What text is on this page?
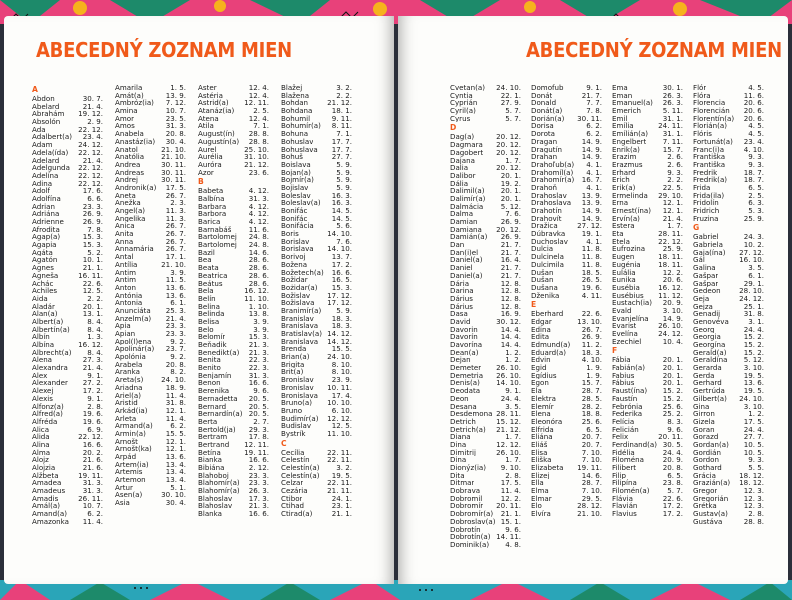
ABECEDNÝ ZOZNAM MIEN
A
Abdon	30. 7.
Abelard	21. 4.
Abrahám 19. 12.
Absolón	2. 9.
Ada	22. 12.
Adalbert(a) 23. 4.
Adam	24. 12.
Adela(ída) 22. 12.
Adelard	21. 4.
Adelgunda 22. 12.
Adelína	22. 12.
Adina	22. 12.
Adolf	17. 6.
Adolfína	6. 6.
Adrian	23. 3.
Adriána	26. 9.
Adrienne	26. 9.
Afrodita	7. 8.
Agap(a)	15. 3.
Agapia	15. 3.
Agáta	5. 2.
Agatón	10. 1.
Agnes	21. 1.
Agneša	16. 11.
Achác	22. 6.
Achiles	12. 5.
Aida	2. 2.
Aladár	20. 1.
Alan(a)	13. 1.
Albert(a)	8. 4.
Albertín(a) 8. 4.
Albín	1. 3.
Albína	16. 12.
Albrecht(a) 8. 4.
Alena	27. 3.
Alexandra 21. 4.
Alex	9. 1.
Alexander 27. 2.
Alexej	17. 2.
Alexis	9. 1.
Alfonz(a)	2. 8.
Alfred(a)	19. 6.
Alfréda	19. 6.
Alica	6. 9.
Alida	22. 12.
Alina	16. 6.
Alma	20. 2.
Alojz	21. 6.
Alojzia	21. 6.
Alžbeta	19. 11.
Amadea	31. 3.
Amadeus 31. 3.
Amadis	26. 11.
Amál(a)	10. 7.
Amand(a)	6. 2.
Amazonka 11. 4.
Amarila	1. 5.
Amát(a)	13. 9.
Ambróz(ia) 7. 12.
Amina	10. 7.
Amor	23. 5.
Amos	31. 3.
Anabela	20. 8.
Anastáz(ia) 30. 4.
Anatol	21. 10.
Anatólia 21. 10.
Andrea	30. 11.
Andreas 30. 11.
Andrej	30. 11.
Andronik(a) 17. 5.
Aneta	26. 7.
Anežka	2. 3.
Angel(a)	11. 3.
Angelika	11. 3.
Anica	26. 7.
Anita	26. 7.
Anna	26. 7.
Annamária 26. 7.
Antal	17. 1.
Antília	21. 10.
Antim	3. 9.
Antim	11. 5.
Anton	13. 6.
Antónia	13. 6.
Antonia	6. 1.
Anunciáta 25. 3.
Anzelm(a) 21. 4.
Apia	23. 3.
Apian	23. 3.
Apol(l)ena	9. 2.
Apolinár(a) 23. 7.
Apolónia	9. 2.
Arabela	20. 8.
Aranka	8. 2.
Areta(s)	24. 10.
Ariadna	18. 9.
Ariel(a)	11. 4.
Aristid	31. 8.
Arkád(ia)	12. 1.
Arleta	11. 4.
Armand(a) 6. 2.
Armin(a)	15. 5.
Arnošt	12. 1.
Arnošt(ka) 12. 1.
Arpád	13. 6.
Artem(ia) 13. 4.
Artemis	13. 4.
Artemon	13. 4.
Artur	5. 1.
Asen(a)	30. 10.
Asia	30. 4.
Aster	12. 4.
Astéria	12. 4.
Astrid(a) 12. 11.
Atanáz(ia)	2. 5.
Atena	12. 4.
Atila	7. 1.
August(ín) 28. 8.
Augustín(a) 28. 8.
Aurel	25. 10.
Aurélia	31. 10.
Auróra	21. 12.
Azor	23. 6.
B
Babeta	4. 12.
Balbína	31. 3.
Barbara	4. 12.
Barbora	4. 12.
Barica	4. 12.
Barnabáš 11. 6.
Bartolomej 24. 8.
Bartolomej 24. 8.
Bazil	14. 6.
Bea	28. 6.
Beata	28. 6.
Beatrica	28. 6.
Beátus	28. 6.
Bela	16. 12.
Belín	11. 10.
Belina	1. 10.
Belinda	13. 8.
Belisa	3. 9.
Belo	3. 9.
Belomír	15. 3.
Beňadik	21. 3.
Benedikt(a) 21. 3.
Benita	22. 3.
Benito	22. 3.
Benjamín 31. 3.
Benon	16. 6.
Berenika	9. 6.
Bernadetta 20. 5.
Bernard	20. 5.
Bernardín(a) 20. 5.
Berta	2. 7.
Bertold(ja) 29. 3.
Bertram	17. 8.
Bertrand 12. 11.
Betína	19. 11.
Bianka	16. 6.
Bibiána	2. 12.
Blahoboj	23. 3.
Blahomír(a) 23. 3.
Blahomír(a) 26. 3.
Blahoslav 17. 3.
Blahoslav 21. 3.
Blanka	16. 6.
Blažej	3. 2.
Blažena	2. 2.
Bohdan	21. 12.
Bohdana	18. 1.
Bohumil	9. 11.
Bohumír(a) 8. 11.
Bohuna	7. 1.
Bohuslav	17. 7.
Bohuslava 17. 7.
Bohuš	27. 7.
Boislava	5. 9.
Bojan(a)	5. 9.
Bojmír(a)	5. 9.
Bojislav	5. 9.
Boleslav	16. 3.
Boleslav(a) 16. 3.
Bonifác	14. 5.
Bonifác	14. 5.
Bonifácia	5. 6.
Boris	14. 10.
Borislav	7. 6.
Borislava 14. 10.
Borivoj	13. 7.
Božena	17. 2.
Božetech(a) 16. 6.
Božidar	16. 5.
Bożidar(a) 15. 3.
Božislav 17. 12.
Božislava 17. 12.
Branimír(a) 5. 9.
Branislav	18. 3.
Branislava 18. 3.
Bratislav(a) 14. 12.
Branislava 14. 12.
Brenda	15. 5.
Brian(a) 24. 10.
Brigita	8. 10.
Brit(a)	8. 10.
Bronislav	23. 9.
Bronislav 10. 11.
Bronislava 17. 4.
Bruno(a) 10. 10.
Bruno	6. 10.
Budimír(a) 12. 12.
Budislav	12. 5.
Bystrík	11. 10.
C
Cecília	22. 11.
Celestín 22. 11.
Celestín(a) 3. 2.
Celestín(a) 19. 5.
Celzar	22. 11.
Cezária	21. 11.
Ctibor	24. 1.
Ctihad	23. 1.
Ctirad(a)	21. 1.
ABECEDNÝ ZOZNAM MIEN
Cvetan(a) 24. 10.
Cyntia	22. 1.
Cyprián	27. 9.
Cyril(a)	5. 7.
Cyrus	5. 7.
D
Dag(a)	20. 12.
Dagmara 20. 12.
Dagobert 20. 12.
Dajana	1. 7.
Dalia	20. 12.
Dalibor	20. 1.
Dália	19. 2.
Dalimil(a) 20. 1.
Dalimír(a) 20. 1.
Dalmácia 5. 12.
Dalma	7. 6.
Damian	26. 9.
Damiana 20. 12.
Damián(a) 26. 9.
Dan	21. 7.
Dan(i)el	21. 7.
Daniel(a)	16. 4.
Daniel	21. 7.
Daniel(a)	21. 7.
Dária	12. 8.
Darina	12. 8.
Dárius	12. 8.
Dárius	12. 8.
Dasa	16. 9.
David	30. 12.
Davorin	14. 4.
Davorín	14. 4.
Davorína	14. 4.
Dean(a)	1. 2.
Dejan	1. 2.
Demeter 26. 10.
Demetria 26. 10.
Denis(a) 14. 10.
Deodata	9. 1.
Deon	24. 4.
Desana	3. 5.
Desdemona 28. 11.
Detrich	15. 12.
Detrich(a) 21. 12.
Diana	1. 7.
Dina	12. 12.
Dimitrij	26. 10.
Dina	1. 7.
Dionýz(ia) 9. 10.
Dita	2. 8.
Ditmar	17. 5.
Dobrava	11. 4.
Dobromil	12. 2.
Dobromír 20. 11.
Dobromír(a) 21. 1.
Dobroslav(a) 15. 1.
Dobrotín	9. 6.
Dobrotín(a) 14. 11.
Dominik(a) 4. 8.
Domofub	9. 1.
Donát	21. 7.
Donald	7. 7.
Donát(a)	7. 8.
Dorián(a) 30. 11.
Dorisa	6. 2.
Dorota	6. 2.
Dragan	14. 9.
Dragutín	14. 9.
Drahan	14. 9.
Drahoľub(a) 4. 1.
Drahomíl(a) 4. 1.
Drahomír(a) 16. 7.
Drahoň	4. 1.
Drahoslav 13. 9.
Drahoslava 13. 9.
Drahotín	14. 9.
Drahovít	14. 9.
Dražica	27. 12.
Dúbravka 19. 1.
Duchoslav	4. 1.
Dulcia	11. 8.
Dulcinela 11. 8.
Dulcimila 11. 8.
Dušan	18. 5.
Dušan	26. 5.
Dušana	19. 6.
Dženika	4. 11.
E
Eberhard	22. 6.
Edgar	13. 10.
Edina	26. 7.
Edita	26. 9.
Edmund(a) 11. 2.
Eduard(a) 18. 3.
Edvin	4. 10.
Egid	1. 9.
Egídius	1. 9.
Egon	15. 7.
Ela	28. 7.
Elektra	28. 5.
Elemír	28. 2.
Elena	18. 8.
Eleonóra	25. 6.
Elfrida	6. 5.
Eliána	20. 7.
Eliáš	20. 7.
Elisa	7. 10.
Eliška	7. 10.
Elizabeta 19. 11.
Elizej	14. 6.
Ella	28. 7.
Elma	7. 10.
Elmar	29. 5.
Elo	28. 12.
Elvíra	21. 10.
Ema	30. 1.
Eman	26. 3.
Emanuel(a) 26. 3.
Emerich	5. 11.
Emil	31. 1.
Emília	24. 11.
Emílián(a) 31. 1.
Engelbert 7. 11.
Enrik(a)	15. 7.
Erazim	2. 6.
Erazmus	2. 6.
Erhard	9. 3.
Erich	2. 2.
Erik(a)	22. 5.
Ermelinda 29. 10.
Erna	12. 1.
Ernest(ína) 12. 1.
Ervín(a)	21. 4.
Estera	1. 7.
Eta	28. 11.
Etela	22. 12.
Eufrozina 25. 9.
Eugen	18. 11.
Eugénia 18. 11.
Eulália	12. 2.
Eunika	20. 6.
Eusébia	16. 12.
Eusébius 11. 12.
Eustach(ia) 20. 9.
Evald	3. 10.
Evanjelína 14. 9.
Evarist	26. 10.
Evelína	24. 12.
Ezechiel	10. 4.
F
Fábia	20. 1.
Fabián(a) 20. 1.
Fabius	20. 1.
Fábius	20. 1.
Faust(ína) 15. 2.
Faustín	15. 2.
Febrónia	25. 6.
Federika	25. 2.
Felícia	8. 3.
Felicián	9. 6.
Felix	20. 11.
Ferdinand(a) 30. 5.
Fidélia	24. 4.
Filoména	20. 9.
Filibert	20. 8.
Filip	6. 5.
Filipína	23. 8.
Filomén(a) 5. 7.
Flávia	22. 6.
Flavián	17. 2.
Flavius	17. 2.
Flór	4. 5.
Flóra	11. 6.
Florencia	20. 6.
Florencián 20. 6.
Florentín(a) 20. 6.
Florián(a)	4. 5.
Flóris	4. 5.
Fortunát(a) 23. 4.
Franc(i)a	4. 10.
Františka	9. 3.
Františka	9. 3.
Fredrik	18. 7.
Fredrik(a) 18. 7.
Frida	6. 5.
Frida(ila)	2. 5.
Fridolín	6. 3.
Fridrich	5. 3.
Fruzina	25. 9.
G
Gabriel	24. 3.
Gabriela	10. 2.
Gaja(ína) 27. 12.
Gál	16. 10.
Galina	3. 5.
Gašpar	6. 1.
Gašpar	29. 1.
Gedeon	28. 10.
Geja	24. 12.
Gejza	25. 1.
Genadij	31. 8.
Genovéva	3. 1.
Georg	24. 4.
Georgia	15. 2.
Georgína	15. 2.
Gerald(a) 15. 2.
Geraldína 5. 12.
Gerarda	3. 10.
Gerda	19. 5.
Gerhard	13. 6.
Gertrúda	19. 5.
Gilbert(a) 24. 10.
Gina	3. 10.
Girron	1. 2.
Gizela	17. 5.
Goran	24. 4.
Gorazd	27. 7.
Gordan(a) 10. 5.
Gordián	10. 5.
Gordon	9. 3.
Gothard	5. 5.
Grácia	18. 12.
Grazián(a) 18. 12.
Gregor	12. 3.
Gregorián 12. 3.
Grétka	12. 3.
Gustav(a)	2. 8.
Gustáva	28. 8.
